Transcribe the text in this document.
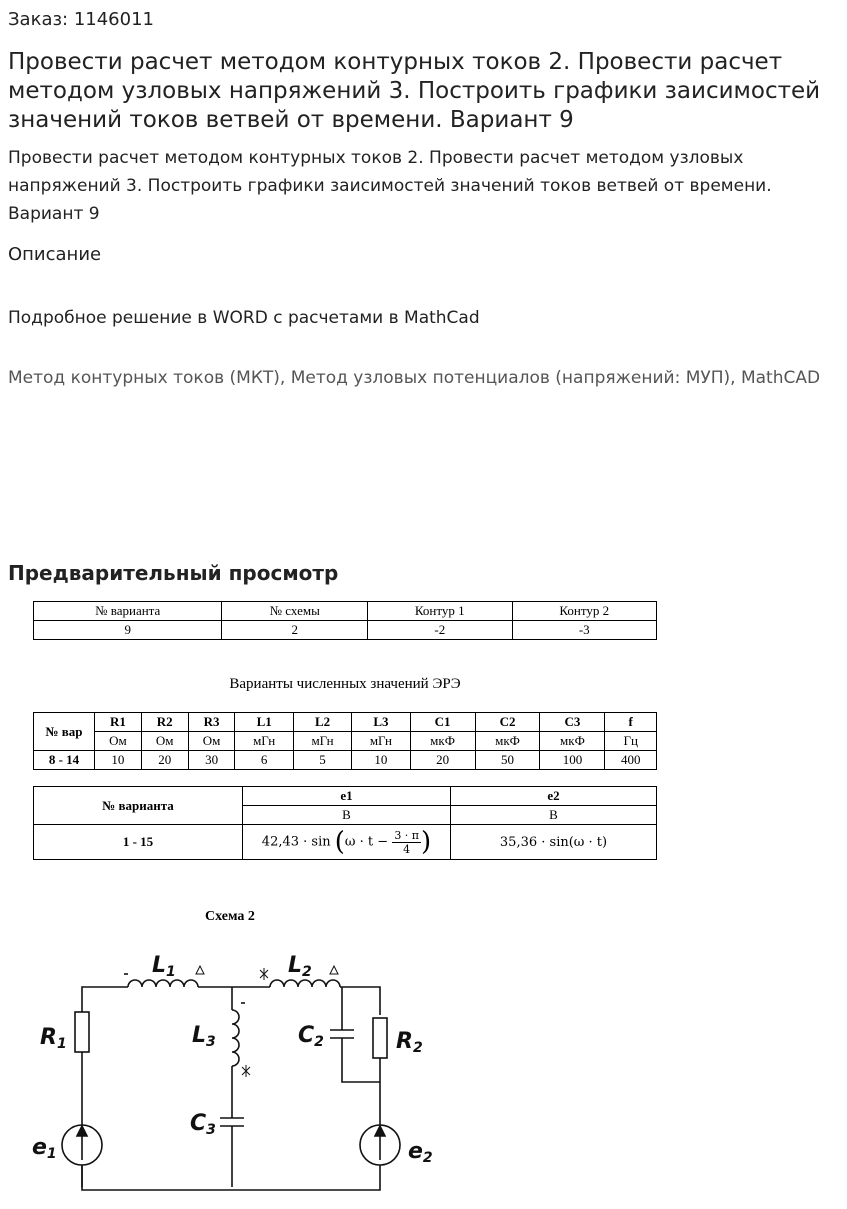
Заказ: 1146011
Провести расчет методом контурных токов 2. Провести расчет методом узловых напряжений 3. Построить графики заисимостей значений токов ветвей от времени. Вариант 9
Провести расчет методом контурных токов 2. Провести расчет методом узловых напряжений 3. Построить графики заисимостей значений токов ветвей от времени. Вариант 9
Описание
Подробное решение в WORD с расчетами в MathCad
Метод контурных токов (МКТ), Метод узловых потенциалов (напряжений: МУП), MathCAD
Предварительный просмотр
№ варианта	№ схемы	Контур 1	Контур 2
9	2	-2	-3
Варианты численных значений ЭРЭ
№ вар	R1	R2	R3	L1	L2	L3	C1	C2	C3	f
	Ом	Ом	Ом	мГн	мГн	мГн	мкФ	мкФ	мкФ	Гц
8 - 14	10	20	30	6	5	10	20	50	100	400
№ варианта	e1	e2
	В	В
1 - 15	$42,43 \cdot \sin (\omega \cdot t - \frac{3 \cdot \pi}{4}$ )	35,36 · sin(ω · t)
Схема 2
L1	L2
L3
R1	R2
C2
C3
e1	e2
